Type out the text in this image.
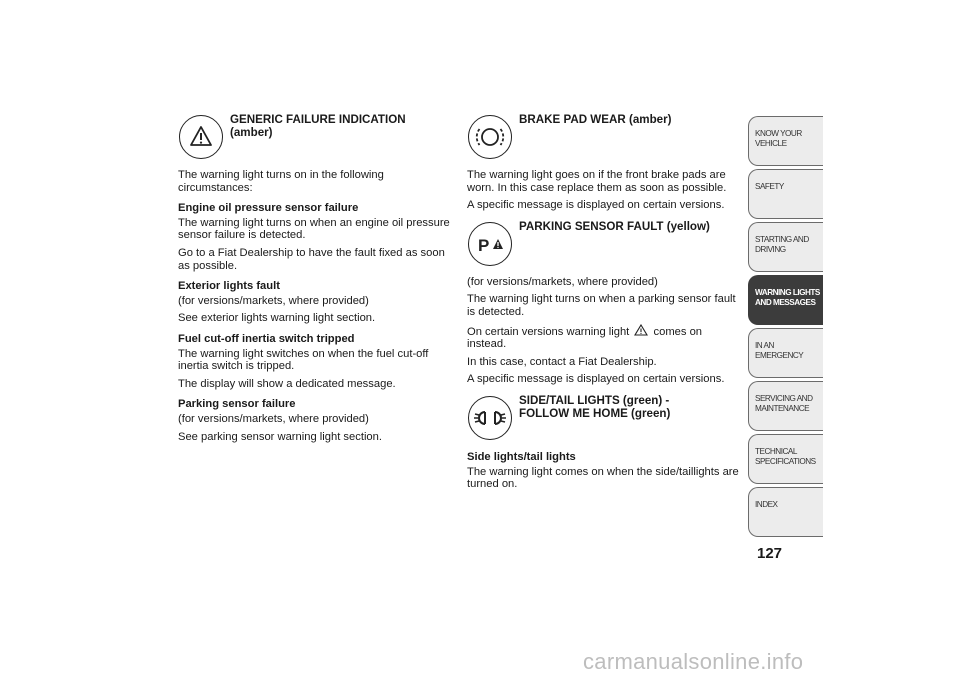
GENERIC FAILURE INDICATION
(amber)

The warning light turns on in the following circumstances:

Engine oil pressure sensor failure

The warning light turns on when an engine oil pressure sensor failure is detected.

Go to a Fiat Dealership to have the fault fixed as soon as possible.

Exterior lights fault

(for versions/markets, where provided)

See exterior lights warning light section.

Fuel cut-off inertia switch tripped

The warning light switches on when the fuel cut-off inertia switch is tripped.

The display will show a dedicated message.

Parking sensor failure

(for versions/markets, where provided)

See parking sensor warning light section.

BRAKE PAD WEAR (amber)

The warning light goes on if the front brake pads are worn. In this case replace them as soon as possible.

A specific message is displayed on certain versions.

P
PARKING SENSOR FAULT (yellow)

(for versions/markets, where provided)

The warning light turns on when a parking sensor fault is detected.

On certain versions warning light comes on instead.

In this case, contact a Fiat Dealership.

A specific message is displayed on certain versions.

SIDE/TAIL LIGHTS (green) -
FOLLOW ME HOME (green)
Side lights/tail lights

The warning light comes on when the side/taillights are turned on.

KNOW YOUR VEHICLE
SAFETY
STARTING AND DRIVING
WARNING LIGHTS AND MESSAGES
IN AN EMERGENCY
SERVICING AND MAINTENANCE
TECHNICAL SPECIFICATIONS
INDEX
127
carmanualsonline.info
